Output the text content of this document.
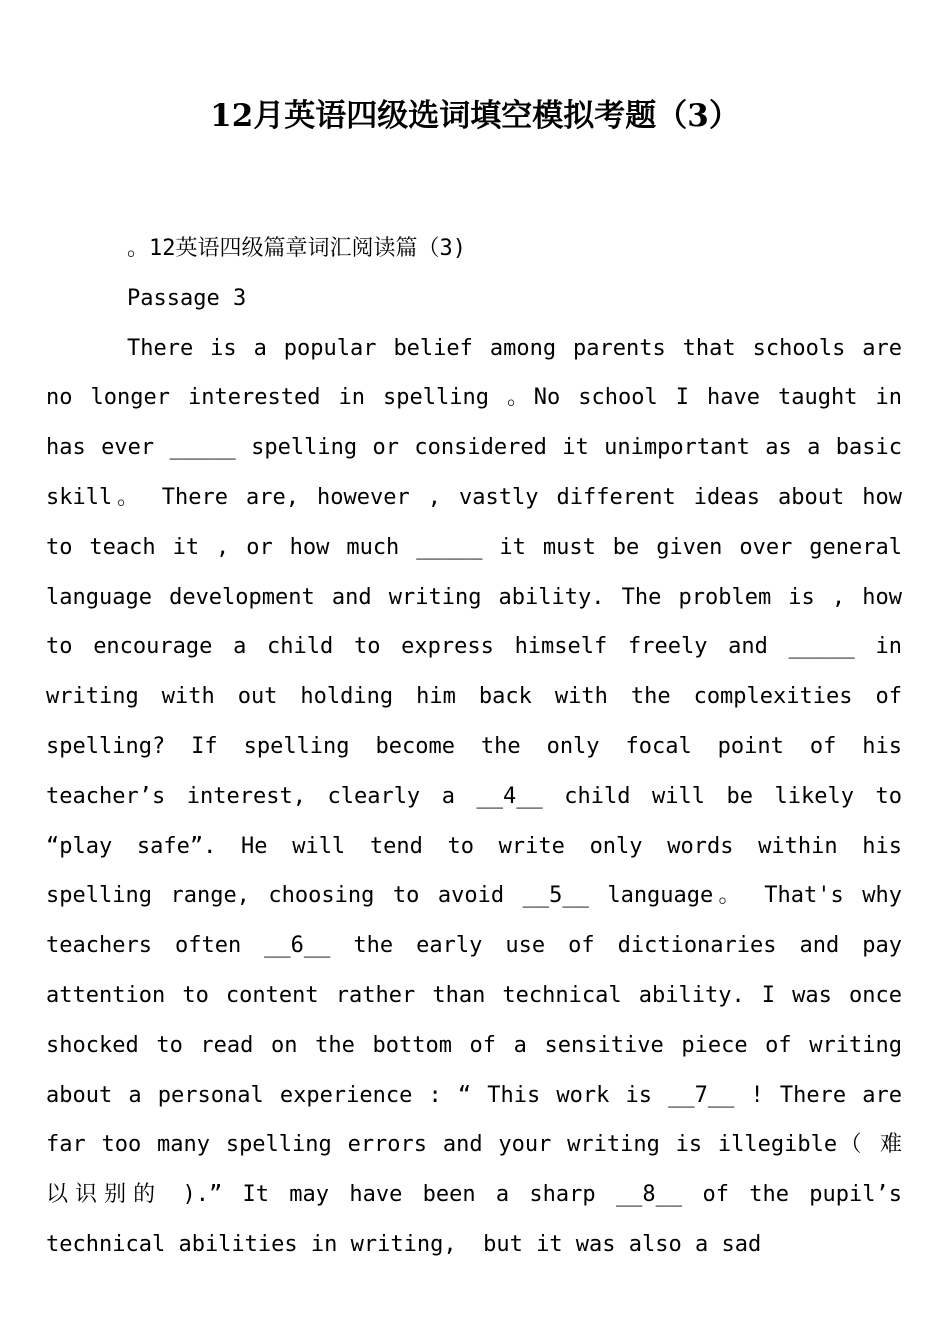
12月英语四级选词填空模拟考题（3）
。12英语四级篇章词汇阅读篇（3)
Passage 3
There is a popular belief among parents that schools are
no longer interested in spelling 。No school I have taught in
has ever _____ spelling or considered it unimportant as a basic
skill。 There are, however , vastly different ideas about how
to teach it , or how much _____ it must be given over general
language development and writing ability. The problem is , how
to encourage a child to express himself freely and _____ in
writing with out holding him back with the complexities of
spelling? If spelling become the only focal point of his
teacher’s interest, clearly a __4__ child will be likely to
“play safe”. He will tend to write only words within his
spelling range, choosing to avoid __5__ language。 That's why
teachers often __6__ the early use of dictionaries and pay
attention to content rather than technical ability. I was once
shocked to read on the bottom of a sensitive piece of writing
about a personal experience : “ This work is __7__ ! There are
far too many spelling errors and your writing is illegible（ 难
以识别的 ).” It may have been a sharp __8__ of the pupil’s
technical abilities in writing,  but it was also a sad
